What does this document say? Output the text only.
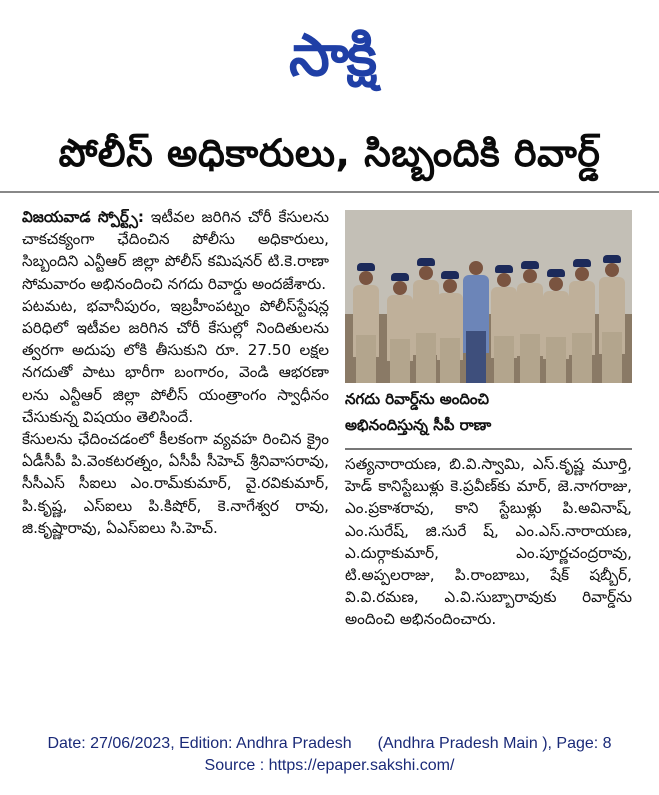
సాక్షి
పోలీస్ అధికారులు, సిబ్బందికి రివార్డ్

విజయవాడ స్పోర్ట్స్: ఇటీవల జరిగిన చోరీ కేసులను చాకచక్యంగా ఛేదించిన పోలీసు అధికారులు, సిబ్బందిని ఎన్టీఆర్ జిల్లా పోలీస్ కమిషనర్ టి.కె.రాణా సోమవారం అభినందించి నగదు రివార్డు అందజేశారు.

పటమట, భవానీపురం, ఇబ్రహీంపట్నం పోలీస్‌స్టేషన్ల పరిధిలో ఇటీవల జరిగిన చోరీ కేసుల్లో నిందితులను త్వరగా అదుపు లోకి తీసుకుని రూ. 27.50 లక్షల నగదుతో పాటు భారీగా బంగారం, వెండి ఆభరణా లను ఎన్టీఆర్ జిల్లా పోలీస్ యంత్రాంగం స్వాధీనం చేసుకున్న విషయం తెలిసిందే.

కేసులను ఛేదించడంలో కీలకంగా వ్యవహ రించిన క్రైం ఏడీసీపీ పి.వెంకటరత్నం, ఏసీపీ సీహెచ్ శ్రీనివాసరావు, సీసీఎస్ సీఐలు ఎం.రామ్‌కుమార్, వై.రవికుమార్, పి.కృష్ణ, ఎస్ఐలు పి.కిషోర్, కె.నాగేశ్వర రావు, జి.కృష్ణారావు, ఏఎస్ఐలు సి.హెచ్.

నగదు రివార్డ్‌ను అందించి
అభినందిస్తున్న సీపీ రాణా

సత్యనారాయణ, బి.వి.స్వామి, ఎస్.కృష్ణ మూర్తి, హెడ్ కానిస్టేబుళ్లు కె.ప్రవీణ్‌కు మార్, జె.నాగరాజు, ఎం.ప్రకాశరావు, కాని స్టేబుళ్లు పి.అవినాష్, ఎం.సురేష్, జి.సురే ష్, ఎం.ఎస్.నారాయణ, ఎ.దుర్గాకుమార్, ఎం.పూర్ణచంద్రరావు, టి.అప్పలరాజు, పి.రాంబాబు, షేక్ షబ్బీర్, వి.వి.రమణ, ఎ.వి.సుబ్బారావుకు రివార్డ్‌ను అందించి అభినందించారు.

Date: 27/06/2023, Edition: Andhra Pradesh (Andhra Pradesh Main ), Page: 8
Source : https://epaper.sakshi.com/
